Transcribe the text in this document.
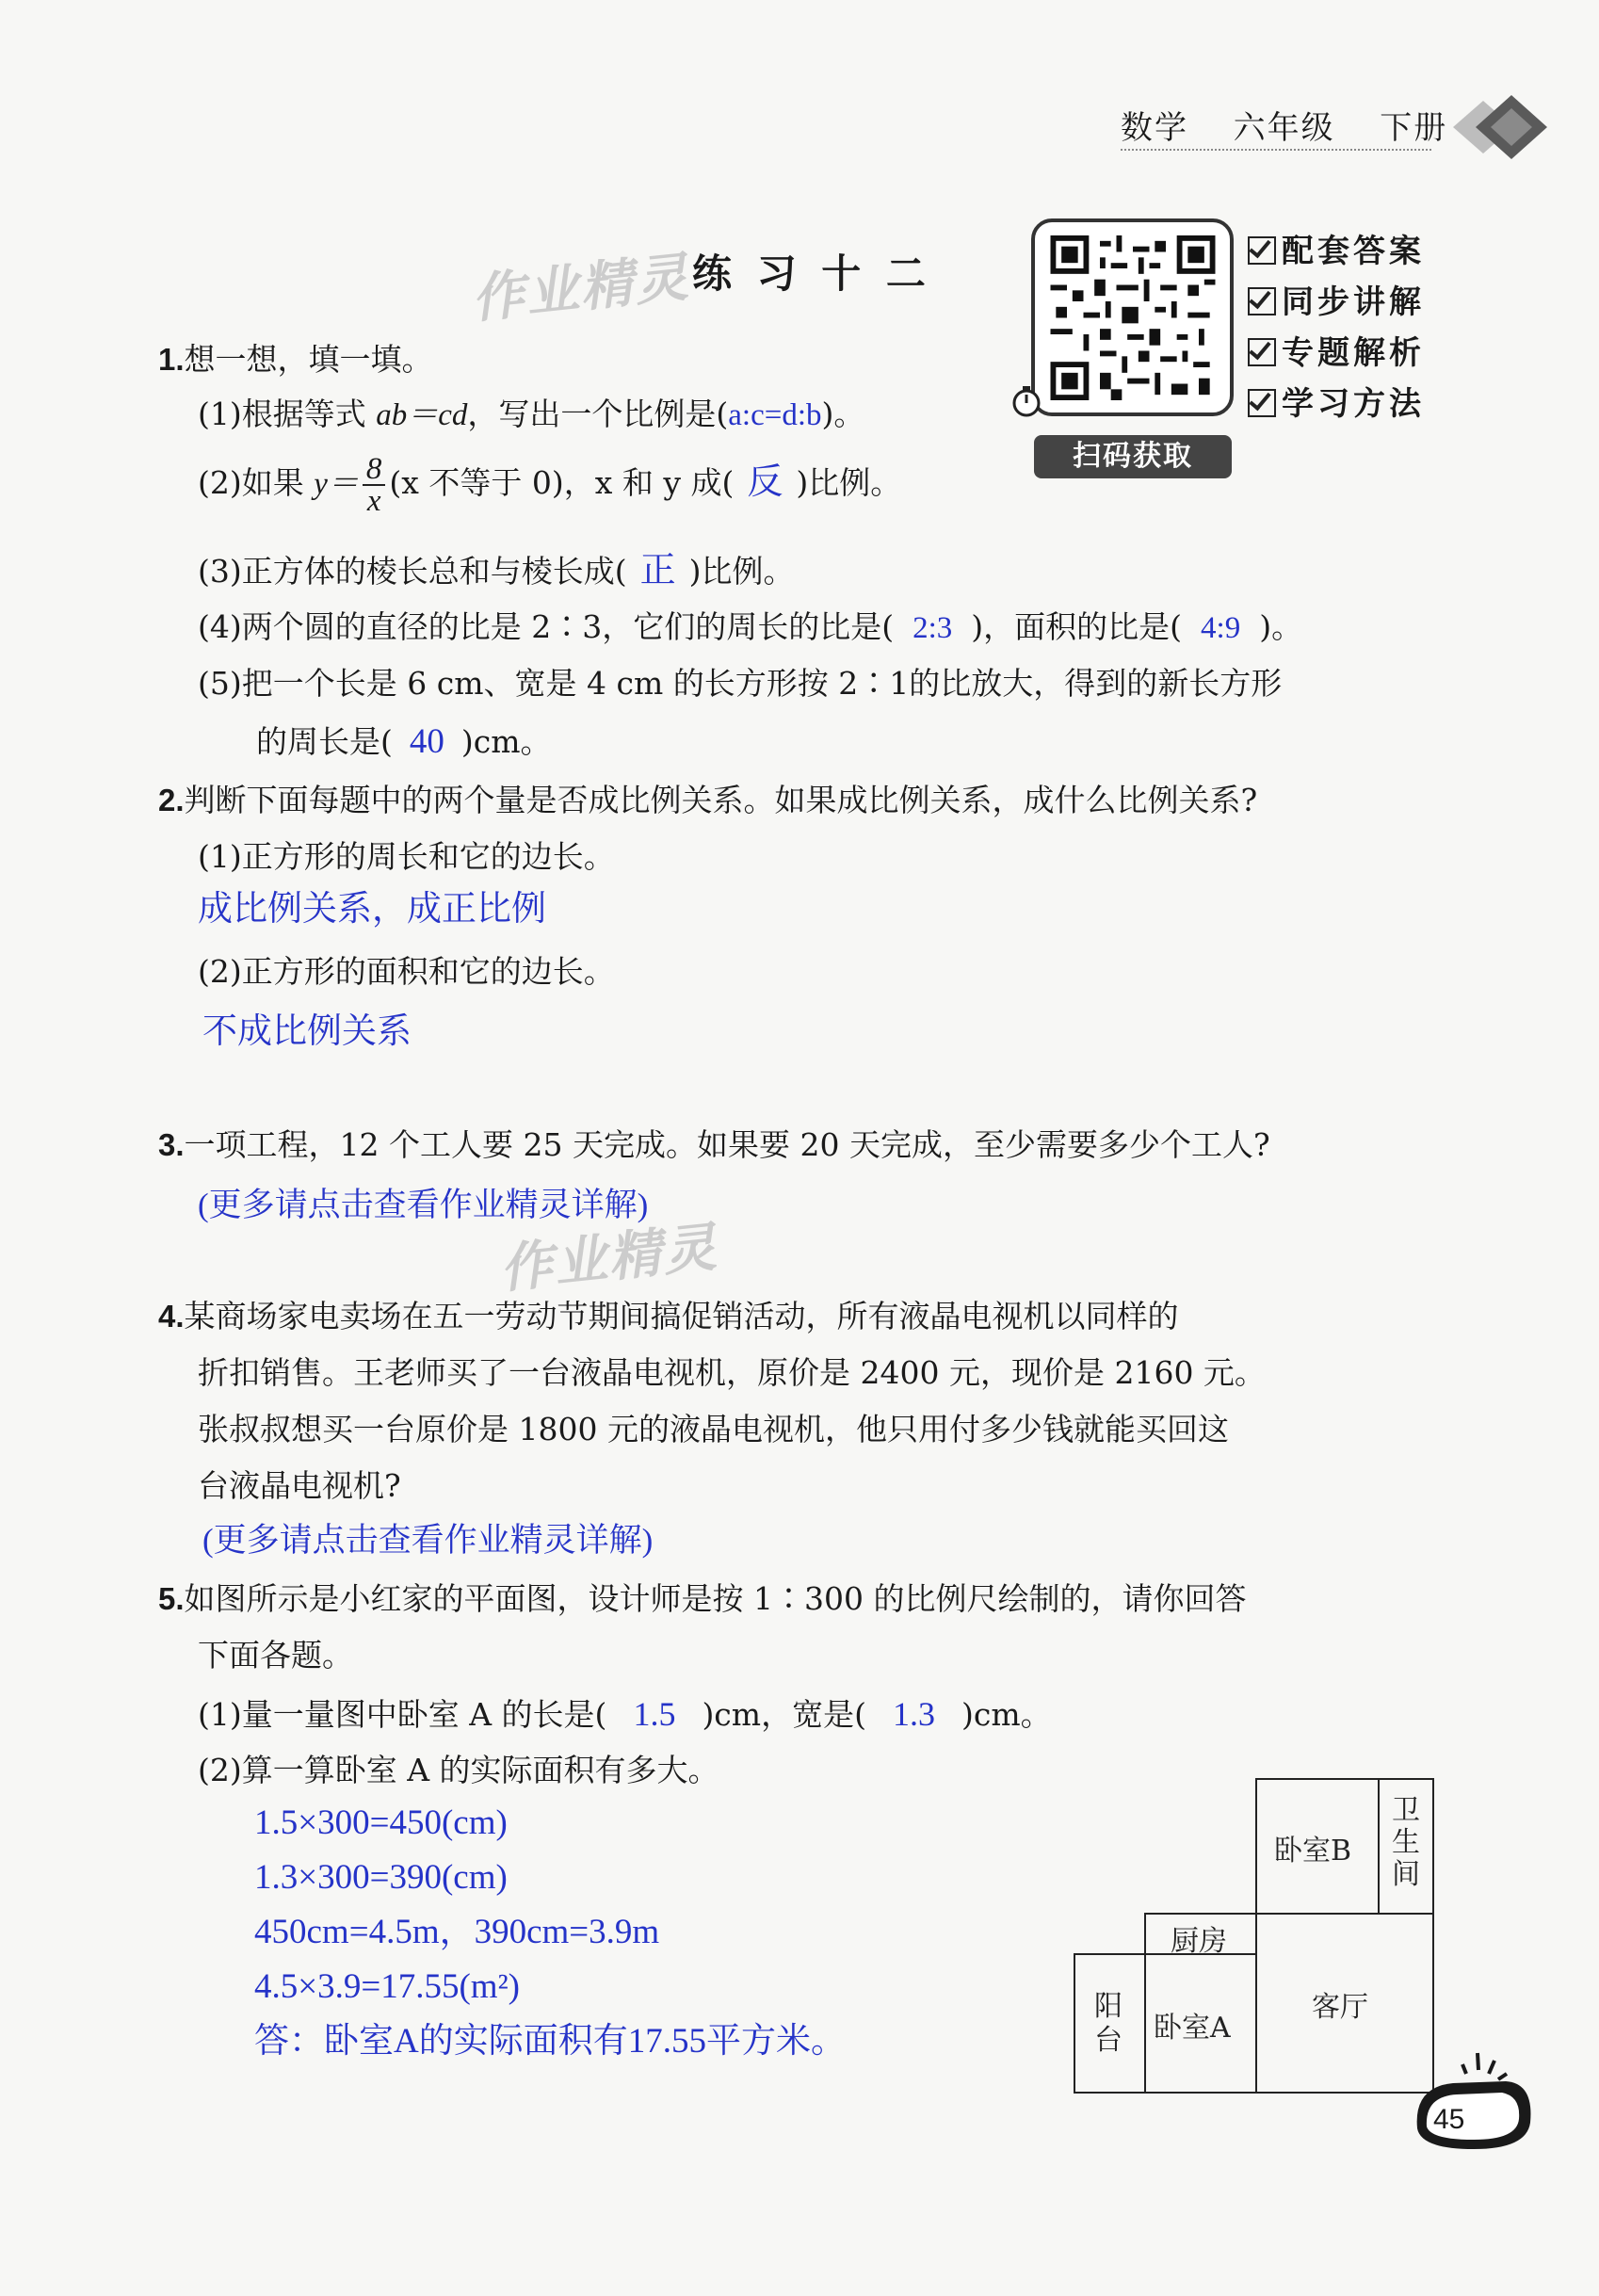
数学 六年级 下册
作业精灵
作业精灵
练 习 十 二
扫码获取
配套答案
同步讲解
专题解析
学习方法
1.想一想，填一填。
(1)根据等式 ab＝cd，写出一个比例是(a:c=d:b)。
(2)如果 $y= \frac{8}{x} (x$ 不等于 0)，x 和 y 成( 反 )比例。
(3)正方体的棱长总和与棱长成( 正 )比例。
(4)两个圆的直径的比是 2∶3，它们的周长的比是( 2:3 )，面积的比是( 4:9 )。
(5)把一个长是 6 cm、宽是 4 cm 的长方形按 2∶1的比放大，得到的新长方形
的周长是( 40 )cm。
2.判断下面每题中的两个量是否成比例关系。如果成比例关系，成什么比例关系?
(1)正方形的周长和它的边长。
成比例关系，成正比例
(2)正方形的面积和它的边长。
不成比例关系
3.一项工程，12 个工人要 25 天完成。如果要 20 天完成，至少需要多少个工人?
(更多请点击查看作业精灵详解)
4.某商场家电卖场在五一劳动节期间搞促销活动，所有液晶电视机以同样的
折扣销售。王老师买了一台液晶电视机，原价是 2400 元，现价是 2160 元。
张叔叔想买一台原价是 1800 元的液晶电视机，他只用付多少钱就能买回这
台液晶电视机?
(更多请点击查看作业精灵详解)
5.如图所示是小红家的平面图，设计师是按 1∶300 的比例尺绘制的，请你回答
下面各题。
(1)量一量图中卧室 A 的长是( 1.5 )cm，宽是( 1.3 )cm。
(2)算一算卧室 A 的实际面积有多大。
1.5×300=450(cm)
1.3×300=390(cm)
450cm=4.5m，390cm=3.9m
4.5×3.9=17.55(m²)
答：卧室A的实际面积有17.55平方米。
卧室B
卫
生
间
厨房
阳
台 卧室A
客厅
45
